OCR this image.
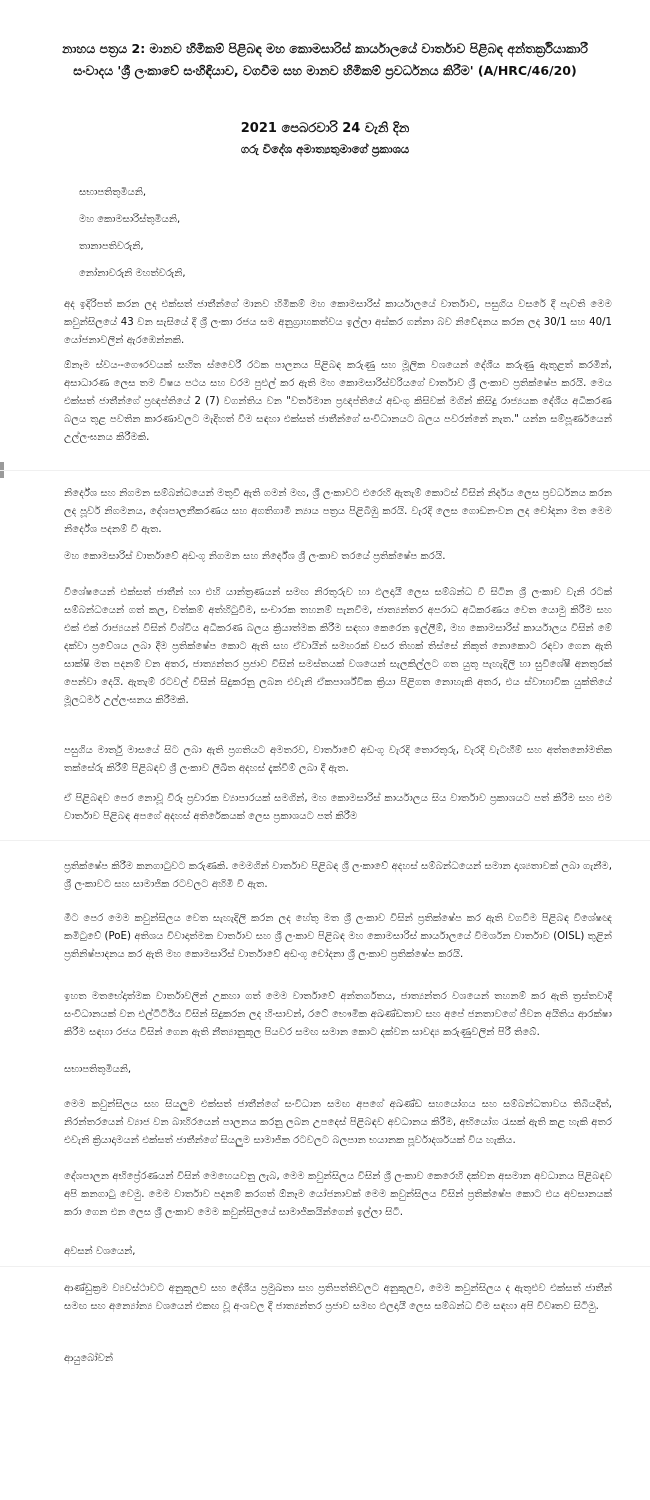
නාහය පත්‍රය 2: මානව හිමිකම් පිළිබඳ මහ කොමසාරිස් කාර්යාලයේ වාර්තාව පිළිබඳ අන්තර්ක්‍රියාකාරී සංවාදය 'ශ්‍රී ලංකාවේ සංහිඳියාව, වගවීම සහ මානව හිමිකම් ප්‍රවර්ධනය කිරීම' (A/HRC/46/20)

2021 පෙබරවාරි 24 වැනි දින

ගරු විදේශ අමාත්‍යතුමාගේ ප්‍රකාශය

සභාපතිතුමියනි,

මහ කොමසාරිස්තුමියනි,

තානාපතිවරුනි,

නෝනාවරුනි මහත්වරුනි,

අද ඉදිරිපත් කරන ලද එක්සත් ජාතීන්ගේ මානව හිමිකම් මහ කොමසාරිස් කාර්යාලයේ වාර්තාව, පසුගිය වසරේ දී පැවති මෙම කවුන්සිලයේ 43 වන සැසියේ දී ශ්‍රී ලංකා රජය සම අනුග්‍රාහකත්වය ඉල්ලා අස්කර ගන්නා බව නිවේදනය කරන ලද 30/1 සහ 40/1 යෝජනාවලින් ඇරඹෙන්නකි.

ඕනෑම ස්වයං-ගෞරවයක් සහිත ස්වෛරී රටක පාලනය පිළිබඳ කරුණු සහ මූලික වශයෙන් දේශීය කරුණු ඇතුළත් කරමින්, අසාධාරණ ලෙස තම විෂය පථය සහ වරම පුළුල් කර ඇති මහ කොමසාරිස්වරියගේ වාර්තාව ශ්‍රී ලංකාව ප්‍රතික්ෂේප කරයි. මෙය එක්සත් ජාතීන්ගේ ප්‍රඥප්තියේ 2 (7) වගන්තිය වන "වර්තමාන ප්‍රඥප්තියේ අඩංගු කිසිවක් මගින් කිසිදු රාජ්‍යයක දේශීය අධිකරණ බලය තුළ පවතින කාරණාවලට මැදිහත් වීම සඳහා එක්සත් ජාතීන්ගේ සංවිධානයට බලය පවරන්නේ නැත." යන්න සම්පූර්ණයෙන් උල්ලංඝනය කිරීමකි.

නිර්දේශ සහ නිගමන සම්බන්ධයෙන් මතුවී ඇති ගමන් මඟ, ශ්‍රී ලංකාවට එරෙහි ඇතැම් කොටස් විසින් නිර්දය ලෙස ප්‍රවර්ධනය කරන ලද පූර්ව නිගමනය, දේශපාලනීකරණය සහ අගතිගාමී න්‍යාය පත්‍රය පිළිබිඹු කරයි. වැරදි ලෙස ගොඩනංවන ලද චෝදනා මත මෙම නිර්දේශ පදනම් වී ඇත.

මහ කොමසාරිස් වාර්තාවේ අඩංගු නිගමන සහ නිර්දේශ ශ්‍රී ලංකාව තරයේ ප්‍රතික්ෂේප කරයි.

විශේෂයෙන් එක්සත් ජාතීන් හා එහි යාන්ත්‍රණයන් සමඟ නිරතුරුව හා ඵලදායී ලෙස සම්බන්ධ වී සිටින ශ්‍රී ලංකාව වැනි රටක් සම්බන්ධයෙන් ගත් කල, වත්කම් අත්හිටුවීම, සංචාරක තහනම් පැනවීම, ජාත්‍යන්තර අපරාධ අධිකරණය වෙත යොමු කිරීම සහ එක් එක් රාජ්‍යයන් විසින් විශ්වීය අධිකරණ බලය ක්‍රියාත්මක කිරීම සඳහා කෙරෙන ඉල්ලීම්, මහ කොමසාරිස් කාර්යාලය විසින් මේ දක්වා ප්‍රවේශය ලබා දීම ප්‍රතික්ෂේප කොට ඇති සහ ඒවායින් සමහරක් වසර තිහක් තිස්සේ නිකුත් නොකොට රඳවා ගෙන ඇති සාක්ෂි මත පදනම් වන අතර, ජාත්‍යන්තර ප්‍රජාව විසින් සමස්තයක් වශයෙන් සැලකිල්ලට ගත යුතු පැහැදිලි හා සුවිශේෂී අනතුරක් පෙන්වා දෙයි. ඇතැම් රටවල් විසින් සිදුකරනු ලබන එවැනි ඒකපාර්ශ්වික ක්‍රියා පිළිගත නොහැකි අතර, එය ස්වාභාවික යුක්තියේ මූලධර්ම උල්ලංඝනය කිරීමකි.

පසුගිය මාර්තු මාසයේ සිට ලබා ඇති ප්‍රගතියට අමතරව, වාර්තාවේ අඩංගු වැරදි තොරතුරු, වැරදි වැටහීම් සහ අත්තනෝමතික තක්සේරු කිරීම් පිළිබඳව ශ්‍රී ලංකාව ලිඛිත අදහස් දැක්වීම් ලබා දී ඇත.

ඒ පිළිබඳව පෙර නොවූ විරූ ප්‍රචාරක ව්‍යාපාරයක් සමගින්, මහ කොමසාරිස් කාර්යාලය සිය වාර්තාව ප්‍රකාශයට පත් කිරීම සහ එම වාර්තාව පිළිබඳ අපගේ අදහස් අතිරේකයක් ලෙස ප්‍රකාශයට පත් කිරීම

ප්‍රතික්ෂේප කිරීම කනගාටුවට කරුණකි. මෙමගින් වාර්තාව පිළිබඳ ශ්‍රී ලංකාවේ අදහස් සම්බන්ධයෙන් සමාන දෘශ්‍යතාවක් ලබා ගැනීම, ශ්‍රී ලංකාවට සහ සාමාජික රටවලට අහිමි වී ඇත.

මීට පෙර මෙම කවුන්සිලය වෙත සැහැදිලි කරන ලද හේතු මත ශ්‍රී ලංකාව විසින් ප්‍රතික්ෂේප කර ඇති වගවීම පිළිබඳ විශේෂඥ කමිටුවේ (PoE) අතිශය විවාදාත්මක වාර්තාව සහ ශ්‍රී ලංකාව පිළිබඳ මහ කොමසාරිස් කාර්යාලයේ විමර්ශන වාර්තාව (OISL) තුළින් ප්‍රතිනිෂ්පාදනය කර ඇති මහ කොමසාරිස් වාර්තාවේ අඩංගු චෝදනා ශ්‍රී ලංකාව ප්‍රතික්ෂේප කරයි.

ඉහත මතභේදාත්මක වාර්තාවලින් උකහා ගත් මෙම වාර්තාවේ අන්තර්ගතය, ජාත්‍යන්තර වශයෙන් තහනම් කර ඇති ත්‍රස්තවාදී සංවිධානයක් වන එල්ටීටීඊය විසින් සිදුකරන ලද හිංසාවන්, රටේ භෞමික අඛණ්ඩතාව සහ අපේ ජනතාවගේ ජීවන අයිතිය ආරක්ෂා කිරීම සඳහා රජය විසින් ගෙන ඇති නීත්‍යානුකූල පියවර සමඟ සමාන කොට දක්වන සාවද්‍ය කරුණුවලින් පිරී තිබේ.

සභාපතිතුමියනි,

මෙම කවුන්සිලය සහ සියලුම එක්සත් ජාතීන්ගේ සංවිධාන සමඟ අපගේ අඛණ්ඩ සහයෝගය සහ සම්බන්ධතාවය තිබියදීත්, නිරන්තරයෙන් ව්‍යාජ වන බාහිරයෙන් පාලනය කරනු ලබන උපදෙස් පිළිබඳව අවධානය කිරීම, අභියෝග රැසක් ඇති කළ හැකි අතර එවැනි ක්‍රියාදාමයන් එක්සත් ජාතීන්ගේ සියලුම සාමාජික රටවලට බලපාන භයානක පූර්වාදර්ශයක් විය හැකිය.

දේශපාලන අභිප්‍රේරණයන් විසින් මෙහෙයවනු ලැබ, මෙම කවුන්සිලය විසින් ශ්‍රී ලංකාව කෙරෙහි දක්වන අසමාන අවධානය පිළිබඳව අපි කනගාටු වෙමු. මෙම වාර්තාව පදනම් කරගත් ඕනෑම යෝජනාවක් මෙම කවුන්සිලය විසින් ප්‍රතික්ෂේප කොට එය අවසානයක් කරා ගෙන එන ලෙස ශ්‍රී ලංකාව මෙම කවුන්සිලයේ සාමාජිකයින්ගෙන් ඉල්ලා සිටී.

අවසන් වශයෙන්,

ආණ්ඩුක්‍රම ව්‍යවස්ථාවට අනුකූලව සහ දේශීය ප්‍රමුඛතා සහ ප්‍රතිපත්තිවලට අනුකූලව, මෙම කවුන්සිලය ද ඇතුළුව එක්සත් ජාතීන් සමඟ සහ අන්‍යෝන්‍ය වශයෙන් එකඟ වූ අංශවල දී ජාත්‍යන්තර ප්‍රජාව සමඟ ඵලදායී ලෙස සම්බන්ධ වීම සඳහා අපි විවෘතව සිටිමු.

ආයුබෝවන්
